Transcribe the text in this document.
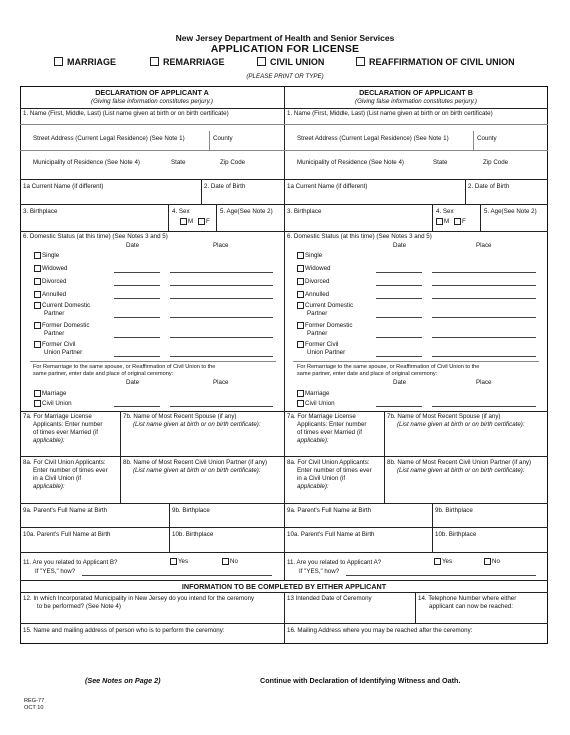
New Jersey Department of Health and Senior Services
APPLICATION FOR LICENSE
MARRIAGE	REMARRIAGE	CIVIL UNION	REAFFIRMATION OF CIVIL UNION
(PLEASE PRINT OR TYPE)
DECLARATION OF APPLICANT A
(Giving false information constitutes perjury.)
1. Name (First, Middle, Last) (List name given at birth or on birth certificate)
Street Address (Current Legal Residence) (See Note 1)	County
Municipality of Residence (See Note 4)	State	Zip Code
1a Current Name (if different)	2. Date of Birth
3. Birthplace	4. Sex
M F
5. Age(See Note 2)
6. Domestic Status (at this time) (See Notes 3 and 5)
Date	Place
Single
Widowed
Divorced
Annulled
Current Domestic
Partner
Former Domestic
Partner
Former Civil
Union Partner
For Remarriage to the same spouse, or Reaffirmation of Civil Union to the
same partner, enter date and place of original ceremony:
Date	Place
Marriage
Civil Union
7a. For Marriage License
Applicants: Enter number
of times ever Married (if
applicable):
7b. Name of Most Recent Spouse (if any)
(List name given at birth or on birth certificate):
8a. For Civil Union Applicants:
Enter number of times ever
in a Civil Union (if
applicable):
8b. Name of Most Recent Civil Union Partner (if any)
(List name given at birth or on birth certificate):
9a. Parent's Full Name at Birth	9b. Birthplace
10a. Parent's Full Name at Birth	10b. Birthplace
11. Are you related to Applicant B?
If "YES," how?
Yes	No
DECLARATION OF APPLICANT B
(Giving false information constitutes perjury.)
1. Name (First, Middle, Last) (List name given at birth or on birth certificate)
Street Address (Current Legal Residence) (See Note 1)	County
Municipality of Residence (See Note 4)	State	Zip Code
1a Current Name (if different)	2. Date of Birth
3. Birthplace	4. Sex
M F
5. Age(See Note 2)
6. Domestic Status (at this time) (See Notes 3 and 5)
Date	Place
Single
Widowed
Divorced
Annulled
Current Domestic
Partner
Former Domestic
Partner
Former Civil
Union Partner
For Remarriage to the same spouse, or Reaffirmation of Civil Union to the
same partner, enter date and place of original ceremony:
Date	Place
Marriage
Civil Union
7a. For Marriage License
Applicants: Enter number
of times ever Married (if
applicable):
7b. Name of Most Recent Spouse (if any)
(List name given at birth or on birth certificate):
8a. For Civil Union Applicants:
Enter number of times ever
in a Civil Union (if
applicable):
8b. Name of Most Recent Civil Union Partner (if any)
(List name given at birth or on birth certificate):
9a. Parent's Full Name at Birth	9b. Birthplace
10a. Parent's Full Name at Birth	10b. Birthplace
11. Are you related to Applicant A?
If "YES," how?
Yes	No
INFORMATION TO BE COMPLETED BY EITHER APPLICANT
12. In which Incorporated Municipality in New Jersey do you intend for the ceremony
to be performed? (See Note 4)
13 Intended Date of Ceremony	14. Telephone Number where either
applicant can now be reached:
15. Name and mailing address of person who is to perform the ceremony:	16. Mailing Address where you may be reached after the ceremony:
(See Notes on Page 2)	Continue with Declaration of Identifying Witness and Oath.
REG-77
OCT 10
